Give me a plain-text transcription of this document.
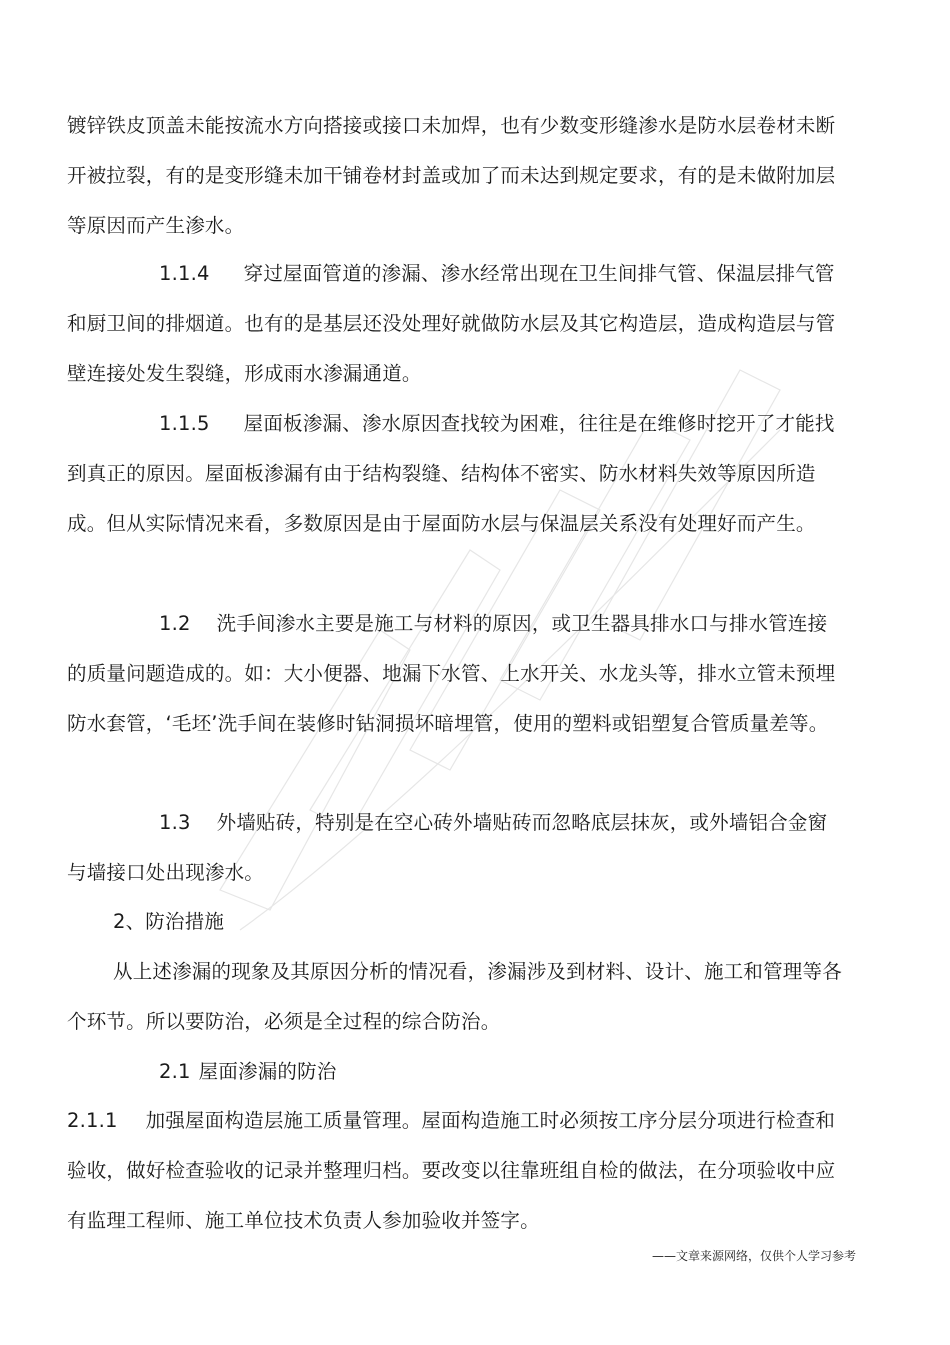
镀锌铁皮顶盖未能按流水方向搭接或接口未加焊，也有少数变形缝渗水是防水层卷材未断开被拉裂，有的是变形缝未加干铺卷材封盖或加了而未达到规定要求，有的是未做附加层等原因而产生渗水。

1.1.4 穿过屋面管道的渗漏、渗水经常出现在卫生间排气管、保温层排气管和厨卫间的排烟道。也有的是基层还没处理好就做防水层及其它构造层，造成构造层与管壁连接处发生裂缝，形成雨水渗漏通道。

1.1.5 屋面板渗漏、渗水原因查找较为困难，往往是在维修时挖开了才能找到真正的原因。屋面板渗漏有由于结构裂缝、结构体不密实、防水材料失效等原因所造成。但从实际情况来看，多数原因是由于屋面防水层与保温层关系没有处理好而产生。

1.2 洗手间渗水主要是施工与材料的原因，或卫生器具排水口与排水管连接的质量问题造成的。如：大小便器、地漏下水管、上水开关、水龙头等，排水立管未预埋防水套管，‘毛坯’洗手间在装修时钻洞损坏暗埋管，使用的塑料或铝塑复合管质量差等。

1.3 外墙贴砖，特别是在空心砖外墙贴砖而忽略底层抹灰，或外墙铝合金窗与墙接口处出现渗水。

2、防治措施

从上述渗漏的现象及其原因分析的情况看，渗漏涉及到材料、设计、施工和管理等各个环节。所以要防治，必须是全过程的综合防治。

2.1 屋面渗漏的防治

2.1.1 加强屋面构造层施工质量管理。屋面构造施工时必须按工序分层分项进行检查和验收，做好检查验收的记录并整理归档。要改变以往靠班组自检的做法，在分项验收中应有监理工程师、施工单位技术负责人参加验收并签字。

——文章来源网络，仅供个人学习参考
